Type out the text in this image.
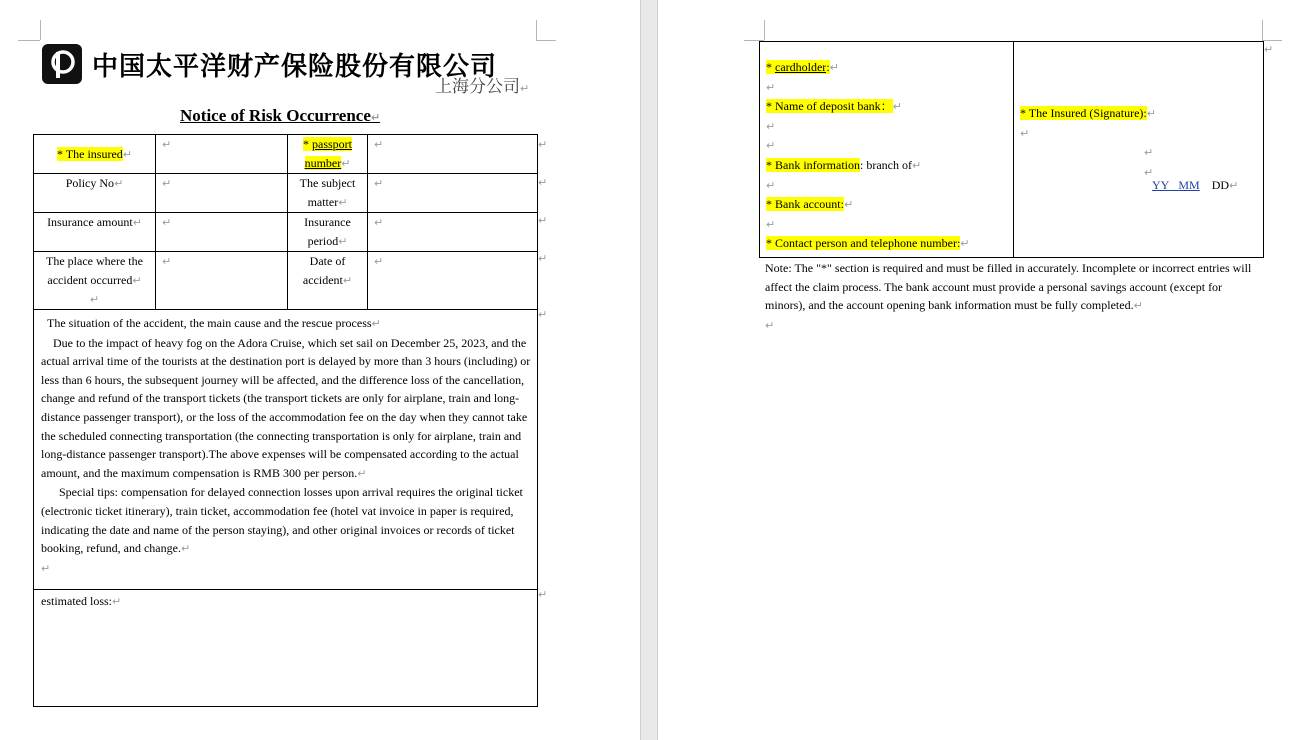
中国太平洋财产保险股份有限公司
上海分公司↵
Notice of Risk Occurrence↵
* The insured↵	↵	* passport
number↵	↵
Policy No↵	↵	The subject matter↵	↵
Insurance amount↵	↵	Insurance period↵	↵
The place where the accident occurred↵
↵	↵	Date of accident↵	↵

The situation of the accident, the main cause and the rescue process↵

Due to the impact of heavy fog on the Adora Cruise, which set sail on December 25, 2023, and the actual arrival time of the tourists at the destination port is delayed by more than 3 hours (including) or less than 6 hours, the subsequent journey will be affected, and the difference loss of the cancellation, change and refund of the transport tickets (the transport tickets are only for airplane, train and long-distance passenger transport), or the loss of the accommodation fee on the day when they cannot take the scheduled connecting transportation (the connecting transportation is only for airplane, train and long-distance passenger transport).The above expenses will be compensated according to the actual amount, and the maximum compensation is RMB 300 per person.↵

Special tips: compensation for delayed connection losses upon arrival requires the original ticket (electronic ticket itinerary), train ticket, accommodation fee (hotel vat invoice in paper is required, indicating the date and name of the person staying), and other original invoices or records of ticket booking, refund, and change.↵

↵			

estimated loss:↵			
↵
↵
↵
↵
↵
↵
↵
* cardholder:↵
↵
* Name of deposit bank：↵
↵
↵
* Bank information: branch of↵
↵
* Bank account:↵
↵
* Contact person and telephone number:↵

* The Insured (Signature):↵
↵
↵
↵
YY MM DD↵
Note: The "*" section is required and must be filled in accurately. Incomplete or incorrect entries will affect the claim process. The bank account must provide a personal savings account (except for minors), and the account opening bank information must be fully completed.↵
↵
